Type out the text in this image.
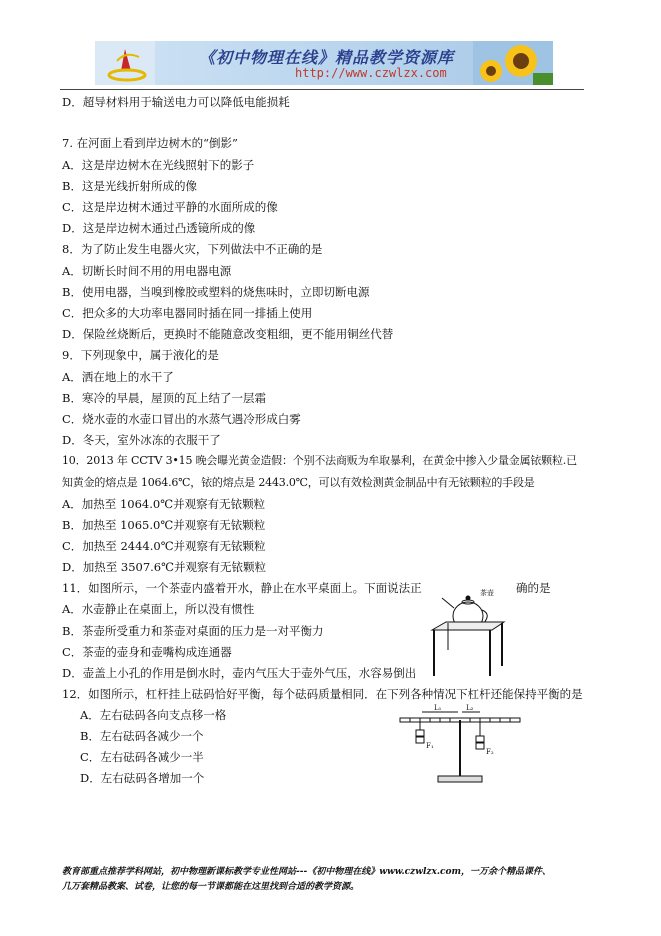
《初中物理在线》精品教学资源库
http://www.czwlzx.com
D．超导材料用于输送电力可以降低电能损耗
7. 在河面上看到岸边树木的“倒影”
A．这是岸边树木在光线照射下的影子
B．这是光线折射所成的像
C．这是岸边树木通过平静的水面所成的像
D．这是岸边树木通过凸透镜所成的像
8．为了防止发生电器火灾，下列做法中不正确的是
A．切断长时间不用的用电器电源
B．使用电器，当嗅到橡胶或塑料的烧焦味时，立即切断电源
C．把众多的大功率电器同时插在同一排插上使用
D．保险丝烧断后，更换时不能随意改变粗细，更不能用铜丝代替
9．下列现象中，属于液化的是
A．洒在地上的水干了
B．寒冷的早晨，屋顶的瓦上结了一层霜
C．烧水壶的水壶口冒出的水蒸气遇冷形成白雾
D．冬天，室外冰冻的衣服干了
10．2013 年 CCTV 3•15 晚会曝光黄金造假：个别不法商贩为牟取暴利，在黄金中掺入少量金属铱颗粒.已
知黄金的熔点是 1064.6℃，铱的熔点是 2443.0℃，可以有效检测黄金制品中有无铱颗粒的手段是
A．加热至 1064.0℃并观察有无铱颗粒
B．加热至 1065.0℃并观察有无铱颗粒
C．加热至 2444.0℃并观察有无铱颗粒
D．加热至 3507.6℃并观察有无铱颗粒
11．如图所示，一个茶壶内盛着开水，静止在水平桌面上。下面说法正	确的是
A．水壶静止在桌面上，所以没有惯性
B．茶壶所受重力和茶壶对桌面的压力是一对平衡力
C．茶壶的壶身和壶嘴构成连通器
D．壶盖上小孔的作用是倒水时，壶内气压大于壶外气压，水容易倒出
12．如图所示，杠杆挂上砝码恰好平衡，每个砝码质量相同．在下列各种情况下杠杆还能保持平衡的是
A．左右砝码各向支点移一格
B．左右砝码各减少一个
C．左右砝码各减少一半
D．左右砝码各增加一个
茶壶
L₁	L₂
F₁
F₂
教育部重点推荐学科网站，初中物理新课标教学专业性网站---《初中物理在线》www.czwlzx.com，一万余个精品课件、
几万套精品教案、试卷，让您的每一节课都能在这里找到合适的教学资源。
